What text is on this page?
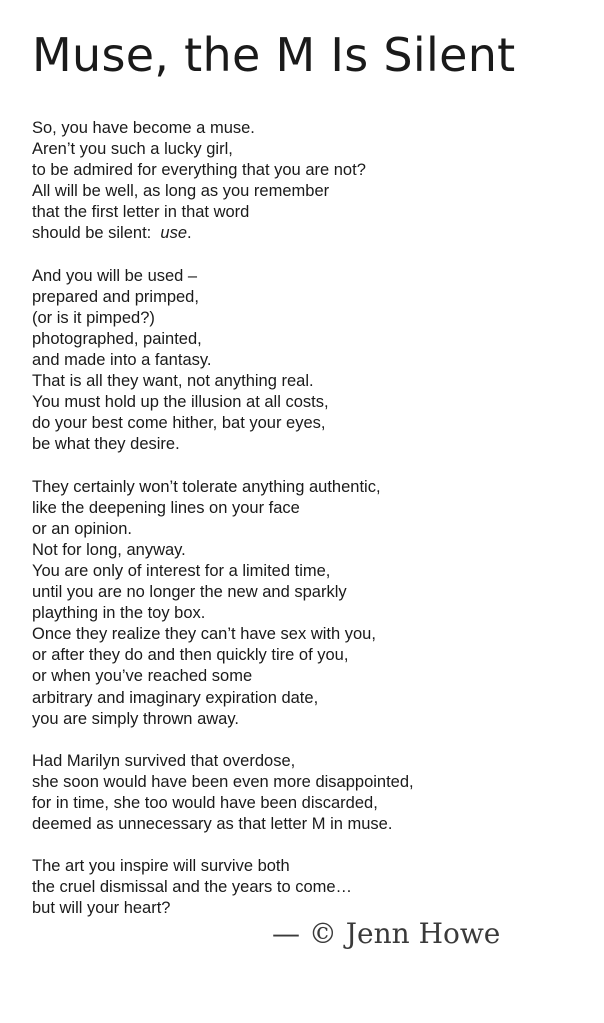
Muse, the M Is Silent
So, you have become a muse.
Aren’t you such a lucky girl,
to be admired for everything that you are not?
All will be well, as long as you remember
that the first letter in that word
should be silent:  use.
And you will be used –
prepared and primped,
(or is it pimped?)
photographed, painted,
and made into a fantasy.
That is all they want, not anything real.
You must hold up the illusion at all costs,
do your best come hither, bat your eyes,
be what they desire.
They certainly won’t tolerate anything authentic,
like the deepening lines on your face
or an opinion.
Not for long, anyway.
You are only of interest for a limited time,
until you are no longer the new and sparkly
plaything in the toy box.
Once they realize they can’t have sex with you,
or after they do and then quickly tire of you,
or when you’ve reached some
arbitrary and imaginary expiration date,
you are simply thrown away.
Had Marilyn survived that overdose,
she soon would have been even more disappointed,
for in time, she too would have been discarded,
deemed as unnecessary as that letter M in muse.
The art you inspire will survive both
the cruel dismissal and the years to come…
but will your heart?
— © Jenn Howe
